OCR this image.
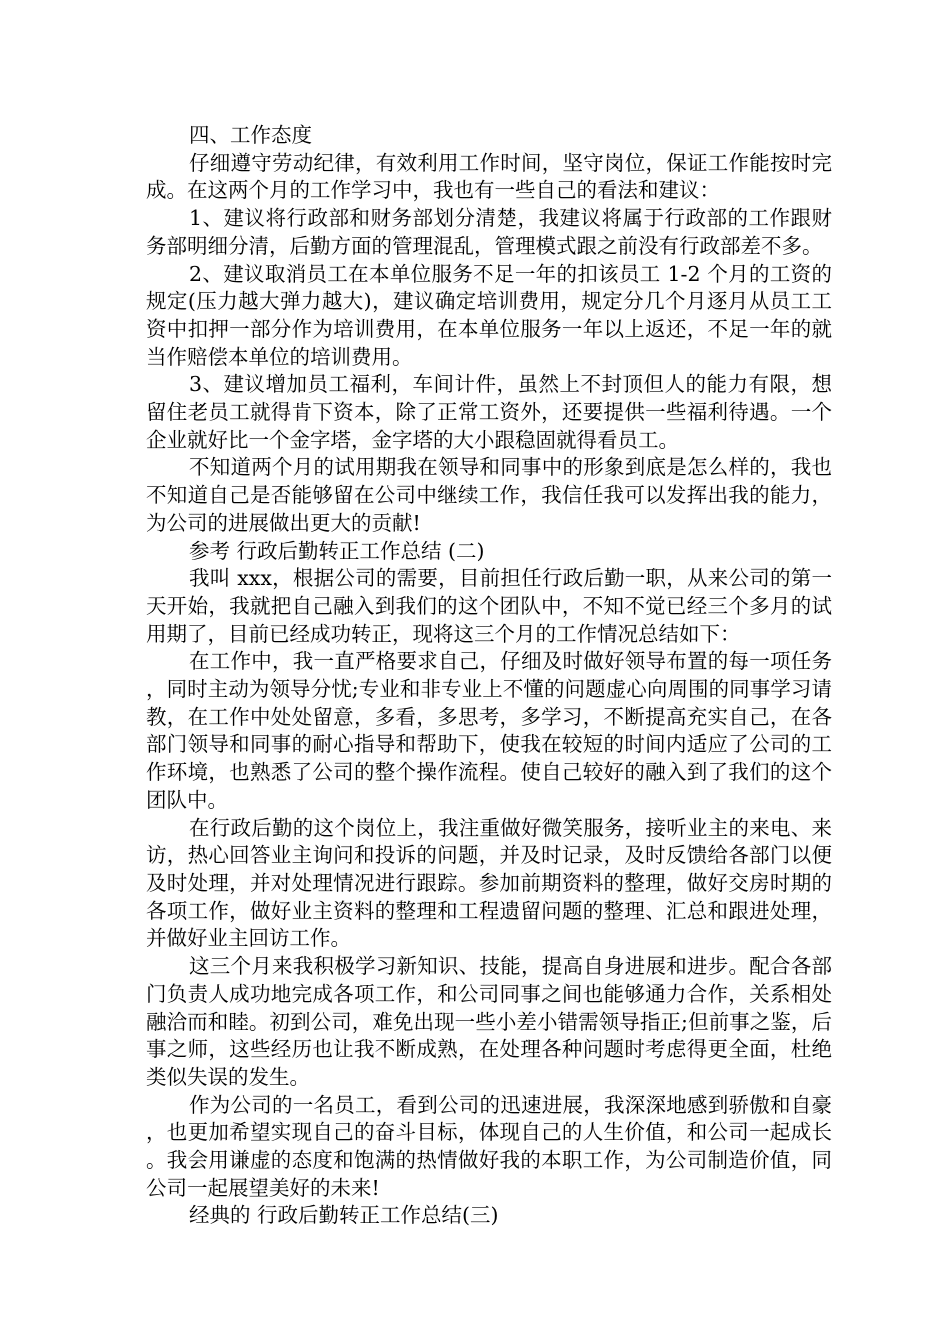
四、工作态度

仔细遵守劳动纪律，有效利用工作时间，坚守岗位，保证工作能按时完成。在这两个月的工作学习中，我也有一些自己的看法和建议：

1、建议将行政部和财务部划分清楚，我建议将属于行政部的工作跟财务部明细分清，后勤方面的管理混乱，管理模式跟之前没有行政部差不多。

2、建议取消员工在本单位服务不足一年的扣该员工 1-2 个月的工资的规定(压力越大弹力越大)，建议确定培训费用，规定分几个月逐月从员工工资中扣押一部分作为培训费用，在本单位服务一年以上返还，不足一年的就当作赔偿本单位的培训费用。

3、建议增加员工福利，车间计件，虽然上不封顶但人的能力有限，想留住老员工就得肯下资本，除了正常工资外，还要提供一些福利待遇。一个企业就好比一个金字塔，金字塔的大小跟稳固就得看员工。

不知道两个月的试用期我在领导和同事中的形象到底是怎么样的，我也不知道自己是否能够留在公司中继续工作，我信任我可以发挥出我的能力，为公司的进展做出更大的贡献!

参考 行政后勤转正工作总结 (二)

我叫 xxx，根据公司的需要，目前担任行政后勤一职，从来公司的第一天开始，我就把自己融入到我们的这个团队中，不知不觉已经三个多月的试用期了，目前已经成功转正，现将这三个月的工作情况总结如下：

在工作中，我一直严格要求自己，仔细及时做好领导布置的每一项任务，同时主动为领导分忧;专业和非专业上不懂的问题虚心向周围的同事学习请教，在工作中处处留意，多看，多思考，多学习，不断提高充实自己，在各部门领导和同事的耐心指导和帮助下，使我在较短的时间内适应了公司的工作环境，也熟悉了公司的整个操作流程。使自己较好的融入到了我们的这个团队中。

在行政后勤的这个岗位上，我注重做好微笑服务，接听业主的来电、来访，热心回答业主询问和投诉的问题，并及时记录，及时反馈给各部门以便及时处理，并对处理情况进行跟踪。参加前期资料的整理，做好交房时期的各项工作，做好业主资料的整理和工程遗留问题的整理、汇总和跟进处理，并做好业主回访工作。

这三个月来我积极学习新知识、技能，提高自身进展和进步。配合各部门负责人成功地完成各项工作，和公司同事之间也能够通力合作，关系相处融洽而和睦。初到公司，难免出现一些小差小错需领导指正;但前事之鉴，后事之师，这些经历也让我不断成熟，在处理各种问题时考虑得更全面，杜绝类似失误的发生。

作为公司的一名员工，看到公司的迅速进展，我深深地感到骄傲和自豪，也更加希望实现自己的奋斗目标，体现自己的人生价值，和公司一起成长。我会用谦虚的态度和饱满的热情做好我的本职工作，为公司制造价值，同公司一起展望美好的未来!

经典的 行政后勤转正工作总结(三)
